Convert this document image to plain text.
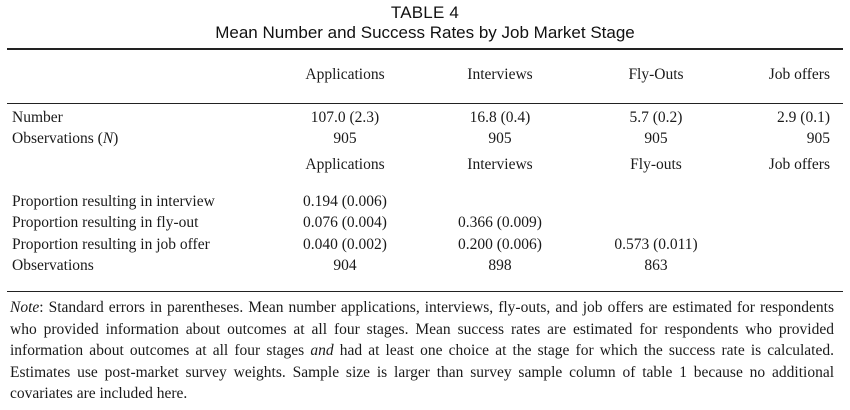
TABLE 4
Mean Number and Success Rates by Job Market Stage
Applications	Interviews	Fly-Outs	Job offers
Number	107.0 (2.3)	16.8 (0.4)	5.7 (0.2)	2.9 (0.1)
Observations (N)	905	905	905	905
Applications	Interviews	Fly-outs	Job offers
Proportion resulting in interview	0.194 (0.006)
Proportion resulting in fly-out	0.076 (0.004)	0.366 (0.009)
Proportion resulting in job offer	0.040 (0.002)	0.200 (0.006)	0.573 (0.011)
Observations	904	898	863
Note: Standard errors in parentheses. Mean number applications, interviews, fly-outs, and job offers are estimated for respondents who provided information about outcomes at all four stages. Mean success rates are estimated for respondents who provided information about outcomes at all four stages and had at least one choice at the stage for which the success rate is calculated. Estimates use post-market survey weights. Sample size is larger than survey sample column of table 1 because no additional covariates are included here.
